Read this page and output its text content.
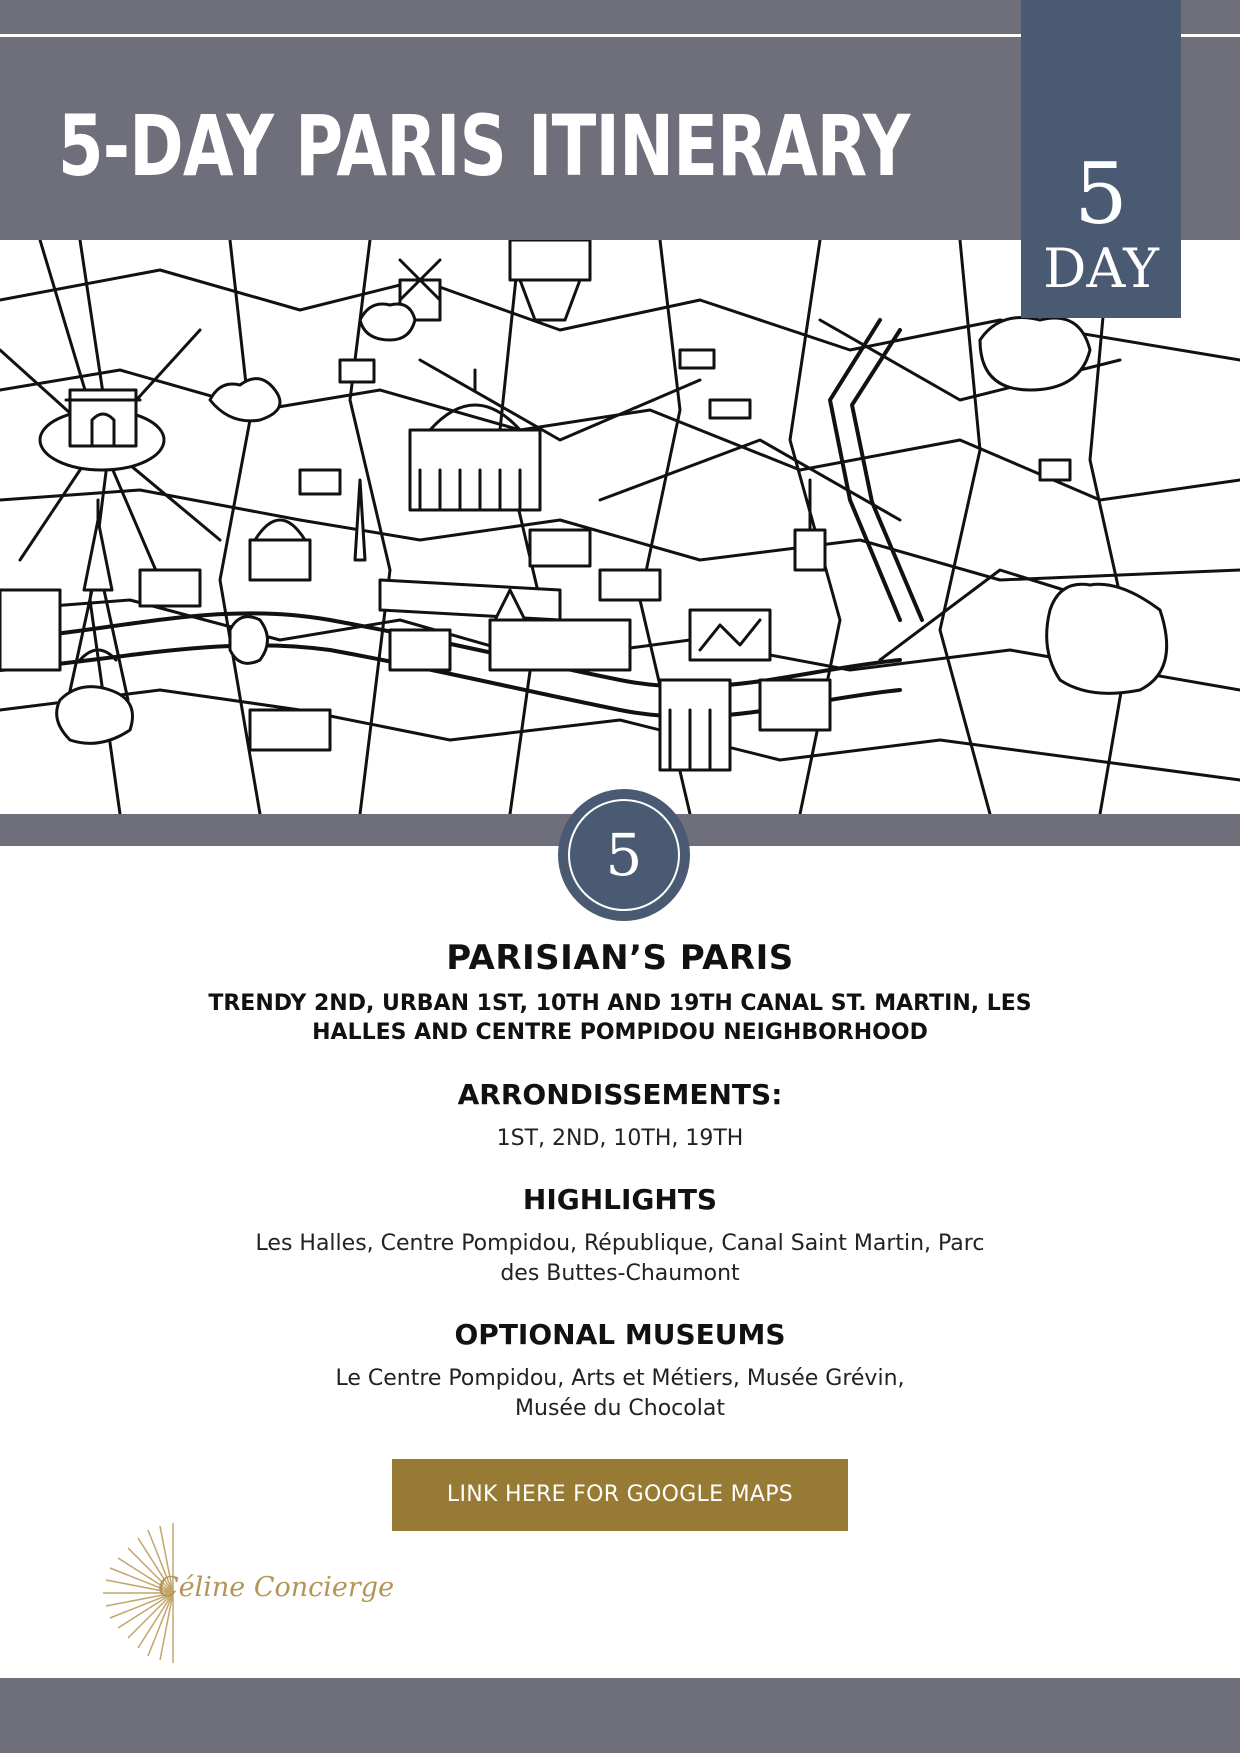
5-DAY PARIS ITINERARY 5
DAY
5
PARISIAN’S PARIS

TRENDY 2ND, URBAN 1ST, 10TH AND 19TH CANAL ST. MARTIN, LES HALLES AND CENTRE POMPIDOU NEIGHBORHOOD

ARRONDISSEMENTS:

1ST, 2ND, 10TH, 19TH

HIGHLIGHTS

Les Halles, Centre Pompidou, République, Canal Saint Martin, Parc des Buttes-Chaumont

OPTIONAL MUSEUMS

Le Centre Pompidou, Arts et Métiers, Musée Grévin, Musée du Chocolat

LINK HERE FOR GOOGLE MAPS
Céline Concierge
